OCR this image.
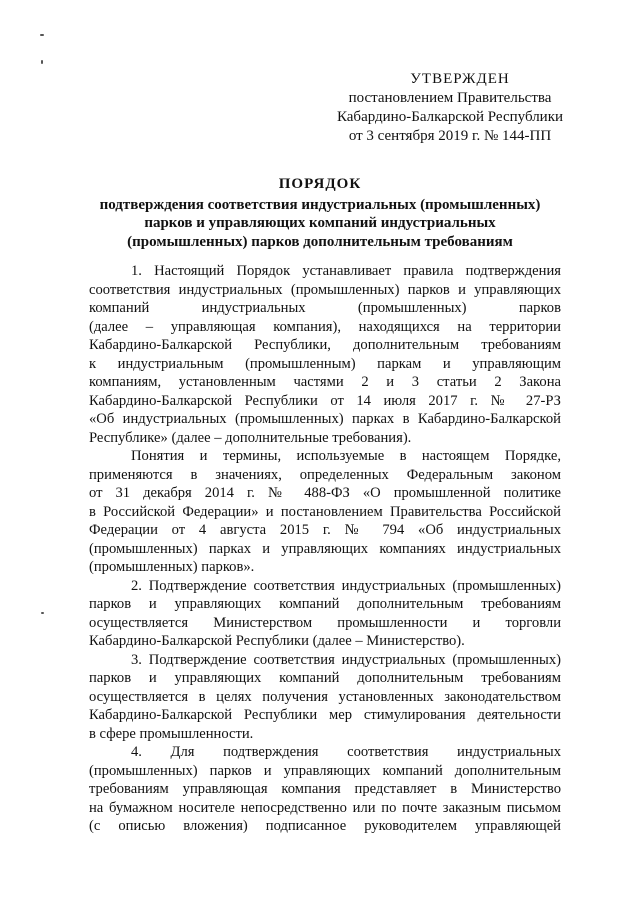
УТВЕРЖДЕН
постановлением Правительства
Кабардино-Балкарской Республики
от 3 сентября 2019 г. № 144-ПП
ПОРЯДОК
подтверждения соответствия индустриальных (промышленных)
парков и управляющих компаний индустриальных
(промышленных) парков дополнительным требованиям
1. Настоящий Порядок устанавливает правила подтверждения
соответствия индустриальных (промышленных) парков и управляющих
компаний индустриальных (промышленных) парков
(далее – управляющая компания), находящихся на территории
Кабардино-Балкарской Республики, дополнительным требованиям
к индустриальным (промышленным) паркам и управляющим
компаниям, установленным частями 2 и 3 статьи 2 Закона
Кабардино-Балкарской Республики от 14 июля 2017 г. № 27-РЗ
«Об индустриальных (промышленных) парках в Кабардино-Балкарской
Республике» (далее – дополнительные требования).
Понятия и термины, используемые в настоящем Порядке,
применяются в значениях, определенных Федеральным законом
от 31 декабря 2014 г. № 488-ФЗ «О промышленной политике
в Российской Федерации» и постановлением Правительства Российской
Федерации от 4 августа 2015 г. № 794 «Об индустриальных
(промышленных) парках и управляющих компаниях индустриальных
(промышленных) парков».
2. Подтверждение соответствия индустриальных (промышленных)
парков и управляющих компаний дополнительным требованиям
осуществляется Министерством промышленности и торговли
Кабардино-Балкарской Республики (далее – Министерство).
3. Подтверждение соответствия индустриальных (промышленных)
парков и управляющих компаний дополнительным требованиям
осуществляется в целях получения установленных законодательством
Кабардино-Балкарской Республики мер стимулирования деятельности
в сфере промышленности.
4. Для подтверждения соответствия индустриальных
(промышленных) парков и управляющих компаний дополнительным
требованиям управляющая компания представляет в Министерство
на бумажном носителе непосредственно или по почте заказным письмом
(с описью вложения) подписанное руководителем управляющей
